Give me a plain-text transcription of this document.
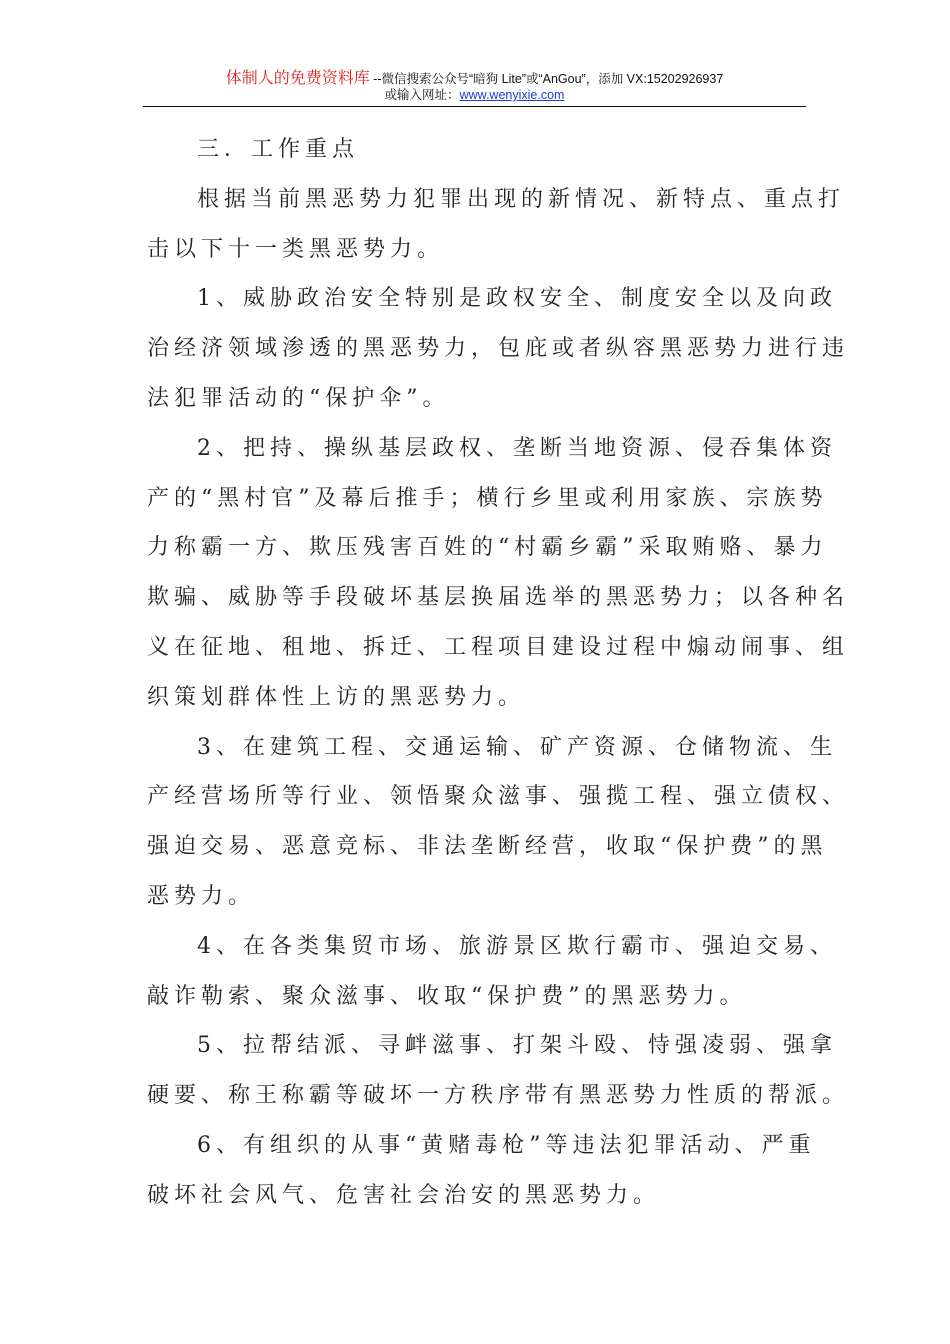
体制人的免费资料库 --微信搜索公众号“暗狗 Lite”或“AnGou”，添加 VX:15202926937
或输入网址：www.wenyixie.com
三．工作重点
根据当前黑恶势力犯罪出现的新情况、新特点、重点打
击以下十一类黑恶势力。
1、威胁政治安全特别是政权安全、制度安全以及向政
治经济领域渗透的黑恶势力，包庇或者纵容黑恶势力进行违
法犯罪活动的“保护伞”。
2、把持、操纵基层政权、垄断当地资源、侵吞集体资
产的“黑村官”及幕后推手；横行乡里或利用家族、宗族势
力称霸一方、欺压残害百姓的“村霸乡霸”采取贿赂、暴力
欺骗、威胁等手段破坏基层换届选举的黑恶势力；以各种名
义在征地、租地、拆迁、工程项目建设过程中煽动闹事、组
织策划群体性上访的黑恶势力。
3、在建筑工程、交通运输、矿产资源、仓储物流、生
产经营场所等行业、领悟聚众滋事、强揽工程、强立债权、
强迫交易、恶意竞标、非法垄断经营，收取“保护费”的黑
恶势力。
4、在各类集贸市场、旅游景区欺行霸市、强迫交易、
敲诈勒索、聚众滋事、收取“保护费”的黑恶势力。
5、拉帮结派、寻衅滋事、打架斗殴、恃强凌弱、强拿
硬要、称王称霸等破坏一方秩序带有黑恶势力性质的帮派。
6、有组织的从事“黄赌毒枪”等违法犯罪活动、严重
破坏社会风气、危害社会治安的黑恶势力。
